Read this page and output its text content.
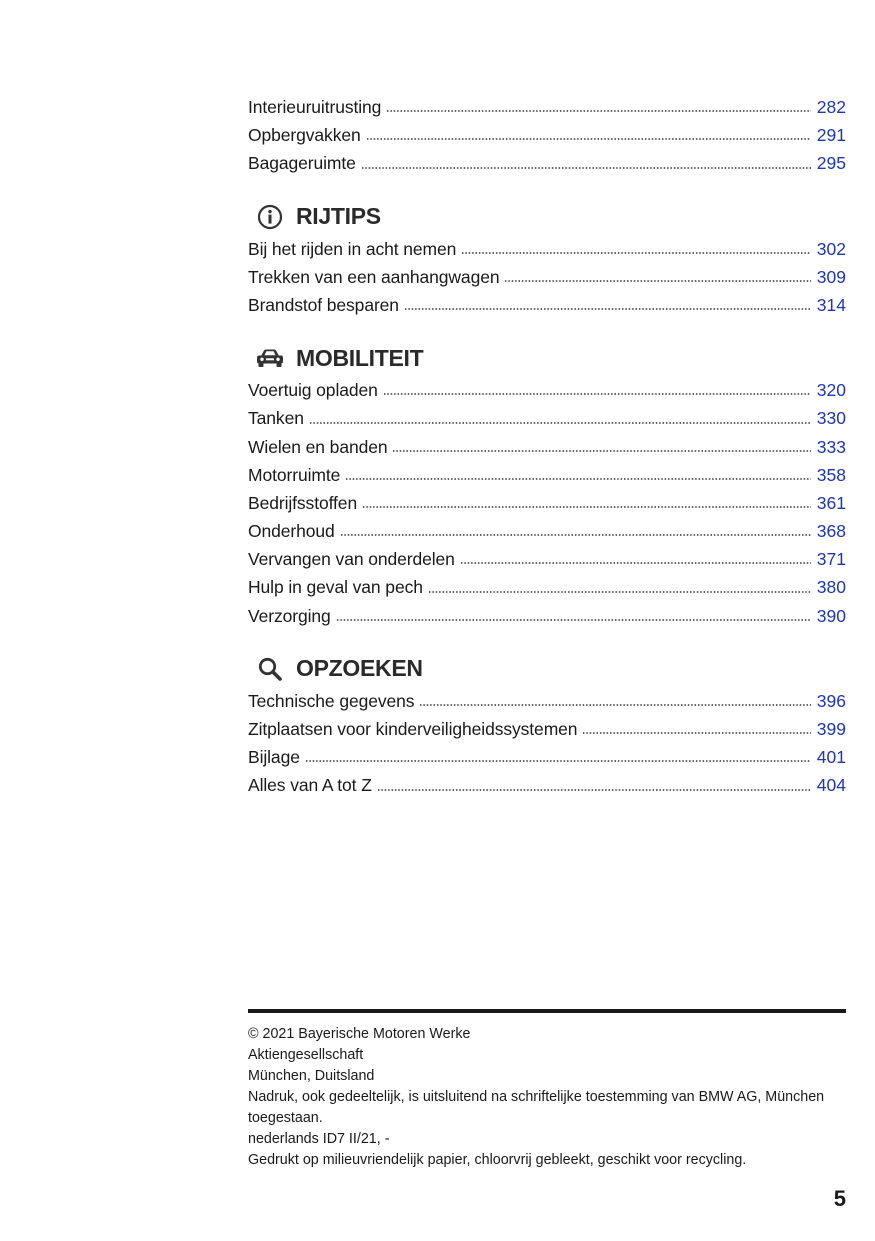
Interieuruitrusting	282
Opbergvakken	291
Bagageruimte	295
RIJTIPS
Bij het rijden in acht nemen	302
Trekken van een aanhangwagen	309
Brandstof besparen	314
MOBILITEIT
Voertuig opladen	320
Tanken	330
Wielen en banden	333
Motorruimte	358
Bedrijfsstoffen	361
Onderhoud	368
Vervangen van onderdelen	371
Hulp in geval van pech	380
Verzorging	390
OPZOEKEN
Technische gegevens	396
Zitplaatsen voor kinderveiligheidssystemen	399
Bijlage	401
Alles van A tot Z	404
© 2021 Bayerische Motoren Werke
Aktiengesellschaft
München, Duitsland
Nadruk, ook gedeeltelijk, is uitsluitend na schriftelijke toestemming van BMW AG, München toegestaan.
nederlands ID7 II/21, -
Gedrukt op milieuvriendelijk papier, chloorvrij gebleekt, geschikt voor recycling.
5
